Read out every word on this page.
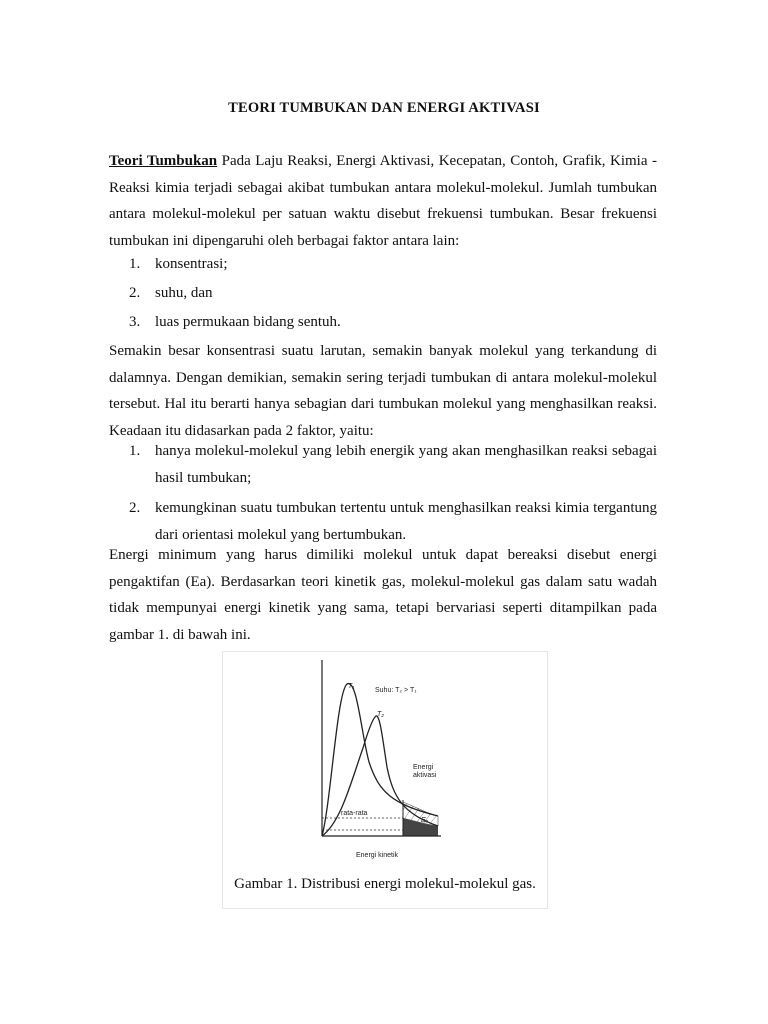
TEORI TUMBUKAN DAN ENERGI AKTIVASI
Teori Tumbukan Pada Laju Reaksi, Energi Aktivasi, Kecepatan, Contoh, Grafik, Kimia - Reaksi kimia terjadi sebagai akibat tumbukan antara molekul-molekul. Jumlah tumbukan antara molekul-molekul per satuan waktu disebut frekuensi tumbukan. Besar frekuensi tumbukan ini dipengaruhi oleh berbagai faktor antara lain:
1. konsentrasi;
2. suhu, dan
3. luas permukaan bidang sentuh.
Semakin besar konsentrasi suatu larutan, semakin banyak molekul yang terkandung di dalamnya. Dengan demikian, semakin sering terjadi tumbukan di antara molekul-molekul tersebut. Hal itu berarti hanya sebagian dari tumbukan molekul yang menghasilkan reaksi. Keadaan itu didasarkan pada 2 faktor, yaitu:
1. hanya molekul-molekul yang lebih energik yang akan menghasilkan reaksi sebagai hasil tumbukan;
2. kemungkinan suatu tumbukan tertentu untuk menghasilkan reaksi kimia tergantung dari orientasi molekul yang bertumbukan.
Energi minimum yang harus dimiliki molekul untuk dapat bereaksi disebut energi pengaktifan (Ea). Berdasarkan teori kinetik gas, molekul-molekul gas dalam satu wadah tidak mempunyai energi kinetik yang sama, tetapi bervariasi seperti ditampilkan pada gambar 1. di bawah ini.
T₁
Suhu: T₂ > T₁
T₂
Energi
aktivasi
rata-rata
Eₐ
Energi kinetik
Gambar 1. Distribusi energi molekul-molekul gas.
